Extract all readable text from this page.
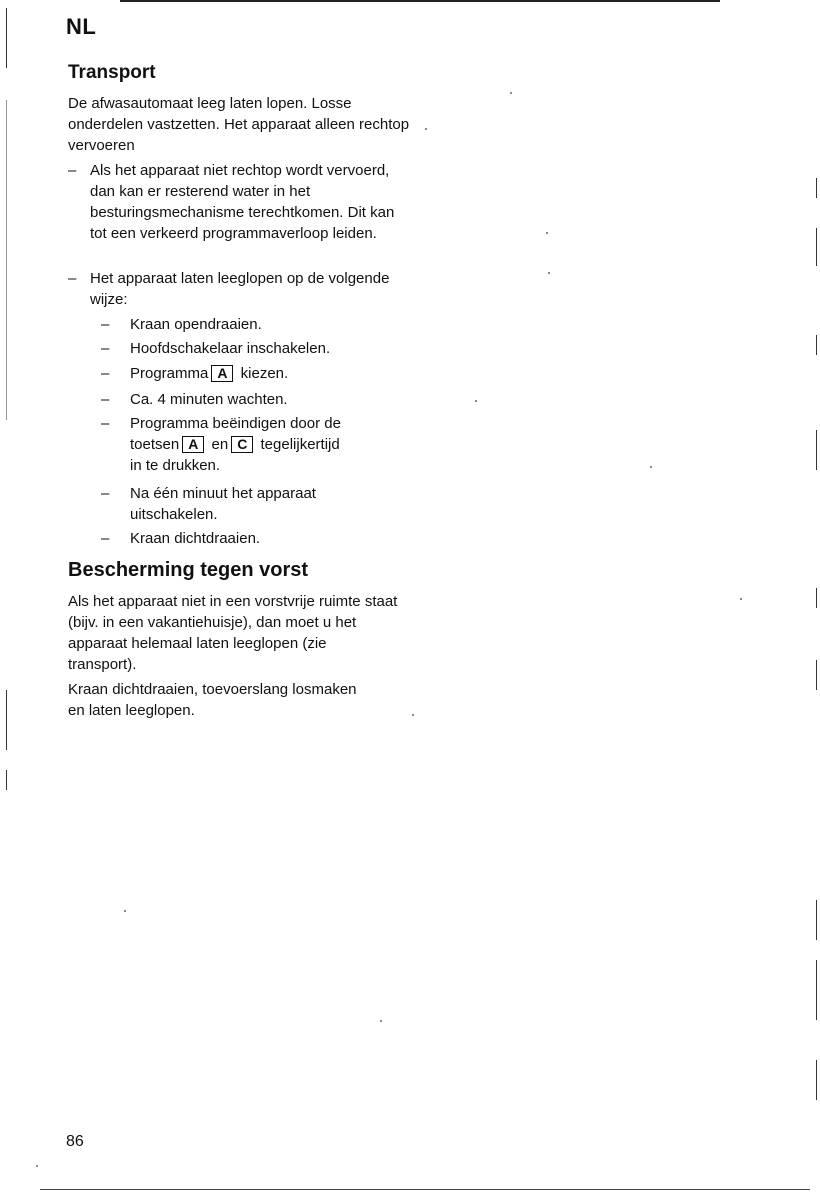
NL
Transport
De afwasautomaat leeg laten lopen. Losse onderdelen vastzetten. Het apparaat alleen rechtop vervoeren
– Als het apparaat niet rechtop wordt vervoerd, dan kan er resterend water in het besturingsmechanisme terechtkomen. Dit kan tot een verkeerd programmaverloop leiden.
– Het apparaat laten leeglopen op de volgende wijze:
– Kraan opendraaien.
– Hoofdschakelaar inschakelen.
– Programma A kiezen.
– Ca. 4 minuten wachten.
– Programma beëindigen door de
toetsen A en C tegelijkertijd
in te drukken.
– Na één minuut het apparaat uitschakelen.
– Kraan dichtdraaien.
Bescherming tegen vorst
Als het apparaat niet in een vorstvrije ruimte staat (bijv. in een vakantiehuisje), dan moet u het apparaat helemaal laten leeglopen (zie transport).
Kraan dichtdraaien, toevoerslang losmaken en laten leeglopen.
86
